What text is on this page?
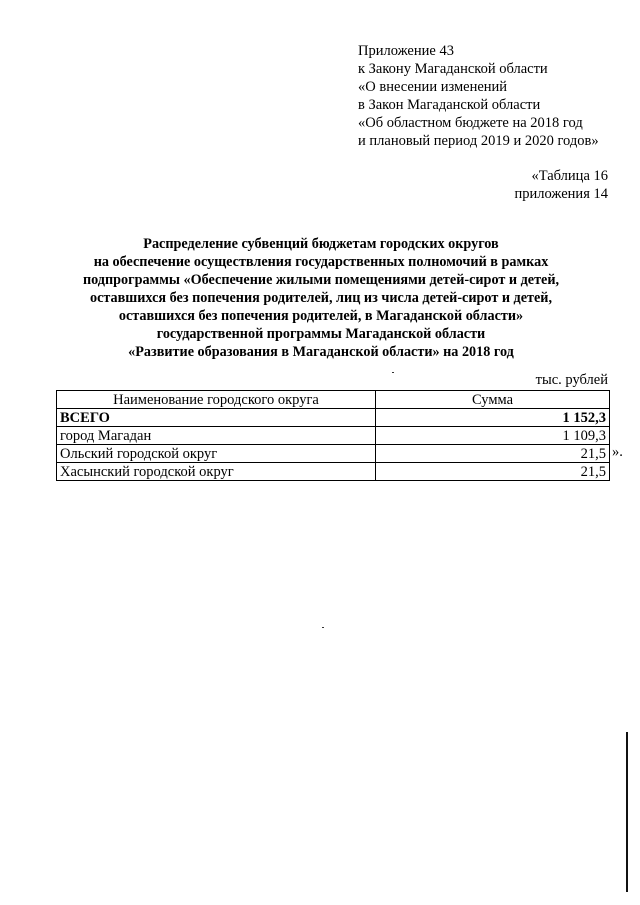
Приложение 43
к Закону Магаданской области
«О внесении изменений
в Закон Магаданской области
«Об областном бюджете на 2018 год
и плановый период 2019 и 2020 годов»
«Таблица 16
приложения 14
Распределение субвенций бюджетам городских округов
на обеспечение осуществления государственных полномочий в рамках
подпрограммы «Обеспечение жилыми помещениями детей-сирот и детей,
оставшихся без попечения родителей, лиц из числа детей-сирот и детей,
оставшихся без попечения родителей, в Магаданской области»
государственной программы Магаданской области
«Развитие образования в Магаданской области» на 2018 год
тыс. рублей
Наименование городского округа	Сумма
ВСЕГО	1 152,3
город Магадан	1 109,3
Ольский городской округ	21,5
Хасынский городской округ	21,5
».
